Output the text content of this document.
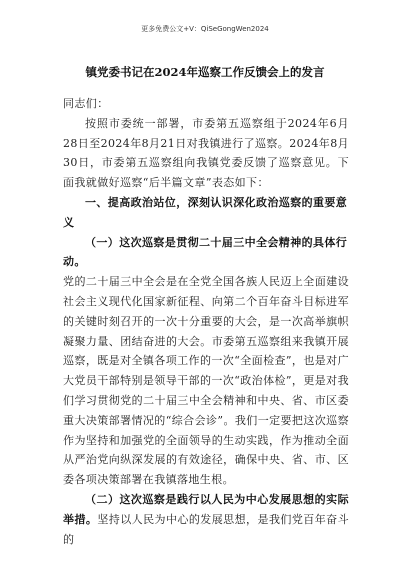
更多免费公文+V：QiSeGongWen2024
镇党委书记在2024年巡察工作反馈会上的发言

同志们：

按照市委统一部署，市委第五巡察组于2024年6月28日至2024年8月21日对我镇进行了巡察。2024年8月30日，市委第五巡察组向我镇党委反馈了巡察意见。下面我就做好巡察“后半篇文章”表态如下：

一、提高政治站位，深刻认识深化政治巡察的重要意义

（一）这次巡察是贯彻二十届三中全会精神的具体行动。

党的二十届三中全会是在全党全国各族人民迈上全面建设社会主义现代化国家新征程、向第二个百年奋斗目标进军的关键时刻召开的一次十分重要的大会，是一次高举旗帜凝聚力量、团结奋进的大会。市委第五巡察组来我镇开展巡察，既是对全镇各项工作的一次“全面检查”，也是对广大党员干部特别是领导干部的一次“政治体检”，更是对我们学习贯彻党的二十届三中全会精神和中央、省、市区委重大决策部署情况的“综合会诊”。我们一定要把这次巡察作为坚持和加强党的全面领导的生动实践，作为推动全面从严治党向纵深发展的有效途径，确保中央、省、市、区委各项决策部署在我镇落地生根。

（二）这次巡察是践行以人民为中心发展思想的实际举措。坚持以人民为中心的发展思想，是我们党百年奋斗的
